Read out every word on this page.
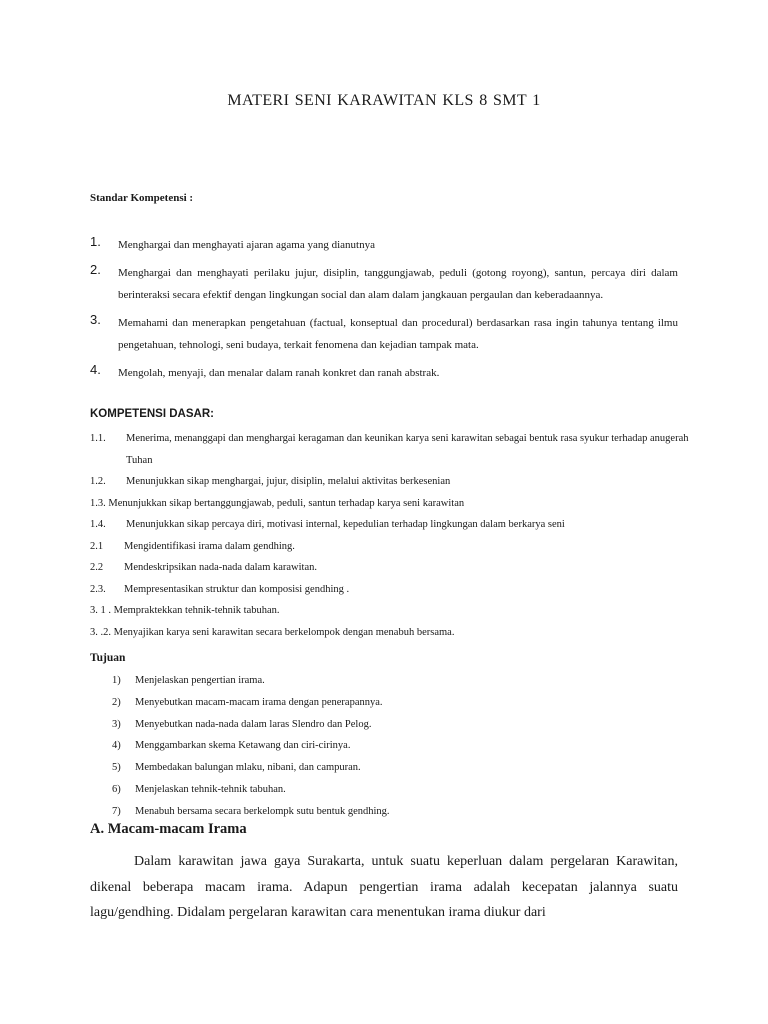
MATERI SENI KARAWITAN KLS 8 SMT 1
Standar Kompetensi :
1. Menghargai dan menghayati ajaran agama yang dianutnya
2. Menghargai dan menghayati perilaku jujur, disiplin, tanggungjawab, peduli (gotong royong), santun, percaya diri dalam berinteraksi secara efektif dengan lingkungan social dan alam dalam jangkauan pergaulan dan keberadaannya.
3. Memahami dan menerapkan pengetahuan (factual, konseptual dan procedural) berdasarkan rasa ingin tahunya tentang ilmu pengetahuan, tehnologi, seni budaya, terkait fenomena dan kejadian tampak mata.
4. Mengolah, menyaji, dan menalar dalam ranah konkret dan ranah abstrak.
KOMPETENSI DASAR:
1.1. Menerima, menanggapi dan menghargai keragaman dan keunikan karya seni karawitan sebagai bentuk rasa syukur terhadap anugerah Tuhan
1.2. Menunjukkan sikap menghargai, jujur, disiplin, melalui aktivitas berkesenian
1.3. Menunjukkan sikap bertanggungjawab, peduli, santun terhadap karya seni karawitan
1.4. Menunjukkan sikap percaya diri, motivasi internal, kepedulian terhadap lingkungan dalam berkarya seni
2.1 Mengidentifikasi irama dalam gendhing.
2.2 Mendeskripsikan nada-nada dalam karawitan.
2.3. Mempresentasikan struktur dan komposisi gendhing .
3. 1 . Mempraktekkan tehnik-tehnik tabuhan.
3. .2. Menyajikan karya seni karawitan secara berkelompok dengan menabuh bersama.
Tujuan
1) Menjelaskan pengertian irama.
2) Menyebutkan macam-macam irama dengan penerapannya.
3) Menyebutkan nada-nada dalam laras Slendro dan Pelog.
4) Menggambarkan skema Ketawang dan ciri-cirinya.
5) Membedakan balungan mlaku, nibani, dan campuran.
6) Menjelaskan tehnik-tehnik tabuhan.
7) Menabuh bersama secara berkelompk sutu bentuk gendhing.
A. Macam-macam Irama
Dalam karawitan jawa gaya Surakarta, untuk suatu keperluan dalam pergelaran Karawitan, dikenal beberapa macam irama. Adapun pengertian irama adalah kecepatan jalannya suatu lagu/gendhing. Didalam pergelaran karawitan cara menentukan irama diukur dari
